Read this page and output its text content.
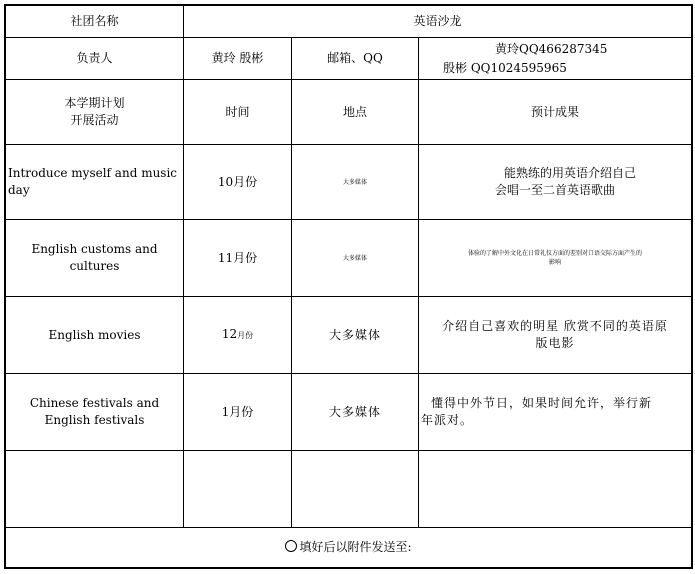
社团名称	英语沙龙		
负责人	黄玲 殷彬	邮箱、QQ	黄玲QQ466287345
殷彬 QQ1024595965

本学期计划
开展活动	时间	地点	预计成果
Introduce myself and music day	10月份	大多媒体	能熟练的用英语介绍自己
会唱一至二首英语歌曲

English customs and cultures	11月份	大多媒体	体验的了解中外文化在日常礼仪方面的差别对口语交际方面产生的
影响

English movies	12月份	大多媒体	介绍自己喜欢的明星 欣赏不同的英语原
版电影

Chinese festivals and English festivals	1月份	大多媒体	懂得中外节日，如果时间允许，举行新
年派对。

填好后以附件发送至:			
